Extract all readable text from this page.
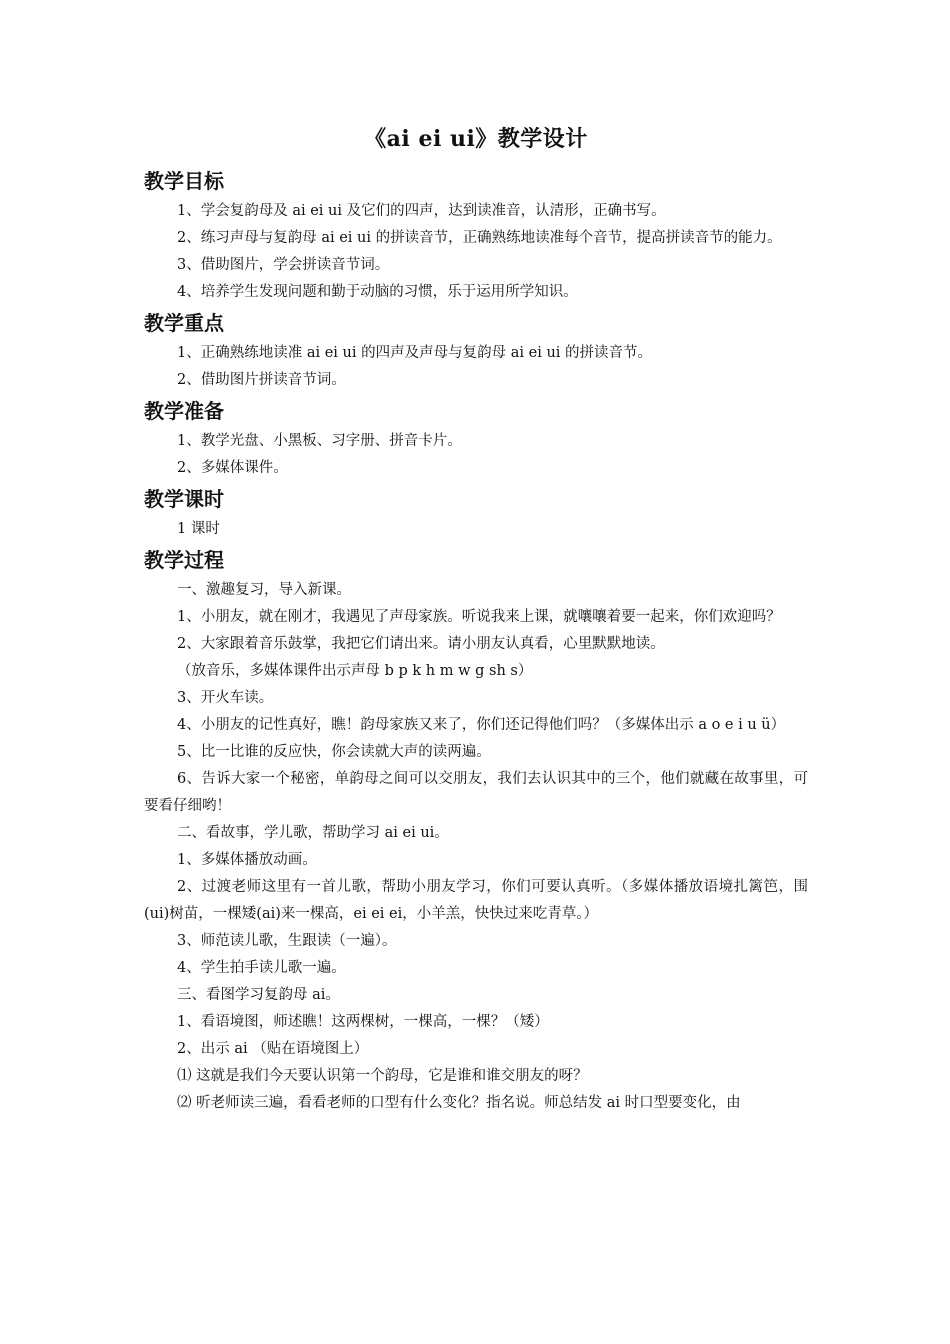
《ai ei ui》教学设计
教学目标

1、学会复韵母及 ai ei ui 及它们的四声，达到读准音，认清形，正确书写。

2、练习声母与复韵母 ai ei ui 的拼读音节，正确熟练地读准每个音节，提高拼读音节的能力。

3、借助图片，学会拼读音节词。

4、培养学生发现问题和勤于动脑的习惯，乐于运用所学知识。

教学重点

1、正确熟练地读准 ai ei ui 的四声及声母与复韵母 ai ei ui 的拼读音节。

2、借助图片拼读音节词。

教学准备

1、教学光盘、小黑板、习字册、拼音卡片。

2、多媒体课件。

教学课时

1 课时

教学过程

一、激趣复习，导入新课。

1、小朋友，就在刚才，我遇见了声母家族。听说我来上课，就嚷嚷着要一起来，你们欢迎吗？

2、大家跟着音乐鼓掌，我把它们请出来。请小朋友认真看，心里默默地读。

（放音乐，多媒体课件出示声母 b p k h m w g sh s）

3、开火车读。

4、小朋友的记性真好，瞧！韵母家族又来了，你们还记得他们吗？（多媒体出示 a o e i u ü）

5、比一比谁的反应快，你会读就大声的读两遍。

6、告诉大家一个秘密，单韵母之间可以交朋友，我们去认识其中的三个，他们就藏在故事里，可要看仔细哟！

二、看故事，学儿歌，帮助学习 ai ei ui。

1、多媒体播放动画。

2、过渡老师这里有一首儿歌，帮助小朋友学习，你们可要认真听。（多媒体播放语境扎篱笆，围(ui)树苗，一棵矮(ai)来一棵高，ei ei ei，小羊羔，快快过来吃青草。）

3、师范读儿歌，生跟读（一遍）。

4、学生拍手读儿歌一遍。

三、看图学习复韵母 ai。

1、看语境图，师述瞧！这两棵树，一棵高，一棵？（矮）

2、出示 ai （贴在语境图上）

⑴ 这就是我们今天要认识第一个韵母，它是谁和谁交朋友的呀？

⑵ 听老师读三遍，看看老师的口型有什么变化？指名说。师总结发 ai 时口型要变化，由
